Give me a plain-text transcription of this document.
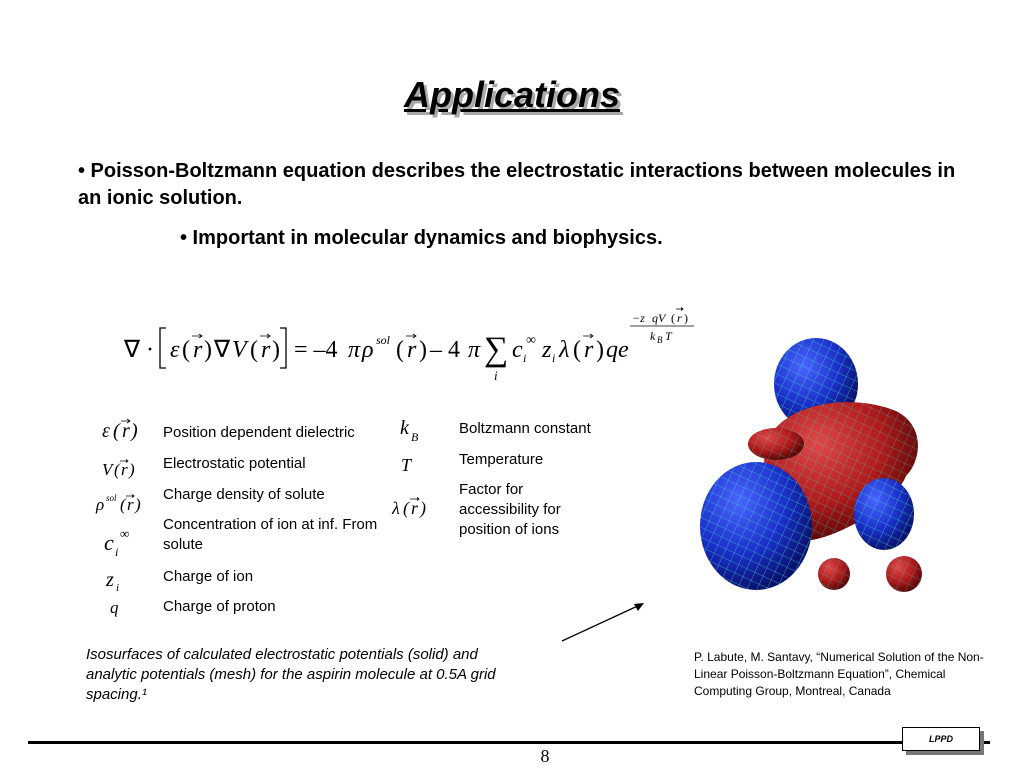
Applications
• Poisson-Boltzmann equation describes the electrostatic interactions between molecules in an ionic solution.
• Important in molecular dynamics and biophysics.
∇ · ε ( r ) ∇ V ( r ) = –4 π ρ sol ( r ) – 4 π ∑
i
c i
∞ z i λ ( r ) qe
−z qV ( r )
k B T
ε ( r )
V ( r )
ρ sol ( r )
c i
∞
z i
q
Position dependent dielectric
Electrostatic potential
Charge density of solute
Concentration of ion at inf. From solute
Charge of ion
Charge of proton
k B
T
λ ( r )
Boltzmann constant
Temperature
Factor for accessibility for position of ions
Isosurfaces of calculated electrostatic potentials (solid) and analytic potentials (mesh) for the aspirin molecule at 0.5A grid spacing.¹
P. Labute, M. Santavy, “Numerical Solution of the Non-Linear Poisson-Boltzmann Equation”, Chemical Computing Group, Montreal, Canada
8
LPPD
